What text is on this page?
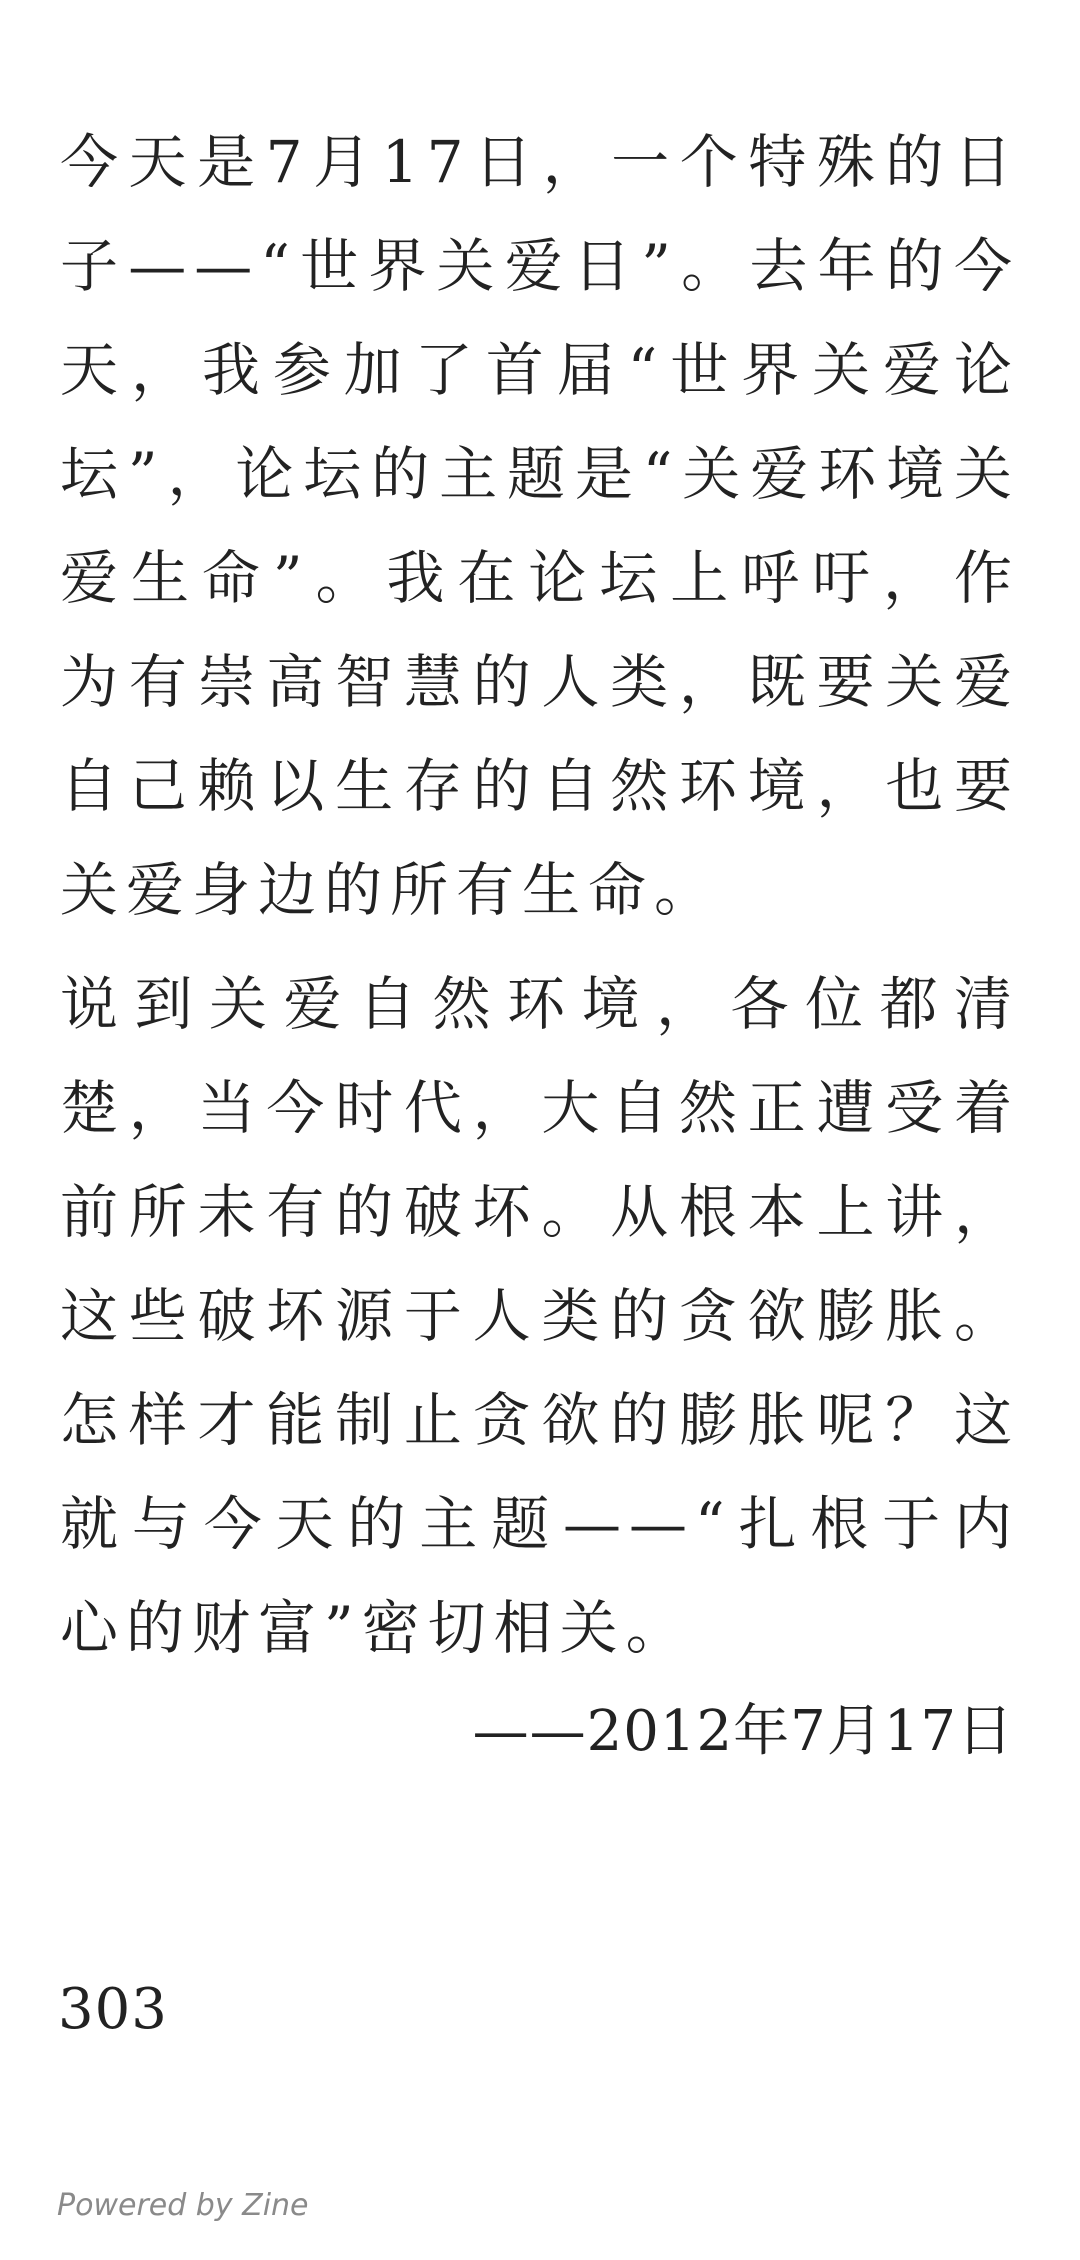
今天是7月17日，一个特殊的日子——“世界关爱日”。去年的今天，我参加了首届“世界关爱论坛”，论坛的主题是“关爱环境关爱生命”。我在论坛上呼吁，作为有崇高智慧的人类，既要关爱自己赖以生存的自然环境，也要关爱身边的所有生命。

说到关爱自然环境，各位都清楚，当今时代，大自然正遭受着前所未有的破坏。从根本上讲，这些破坏源于人类的贪欲膨胀。怎样才能制止贪欲的膨胀呢？这就与今天的主题——“扎根于内心的财富”密切相关。

——2012年7月17日

303
Powered by Zine
